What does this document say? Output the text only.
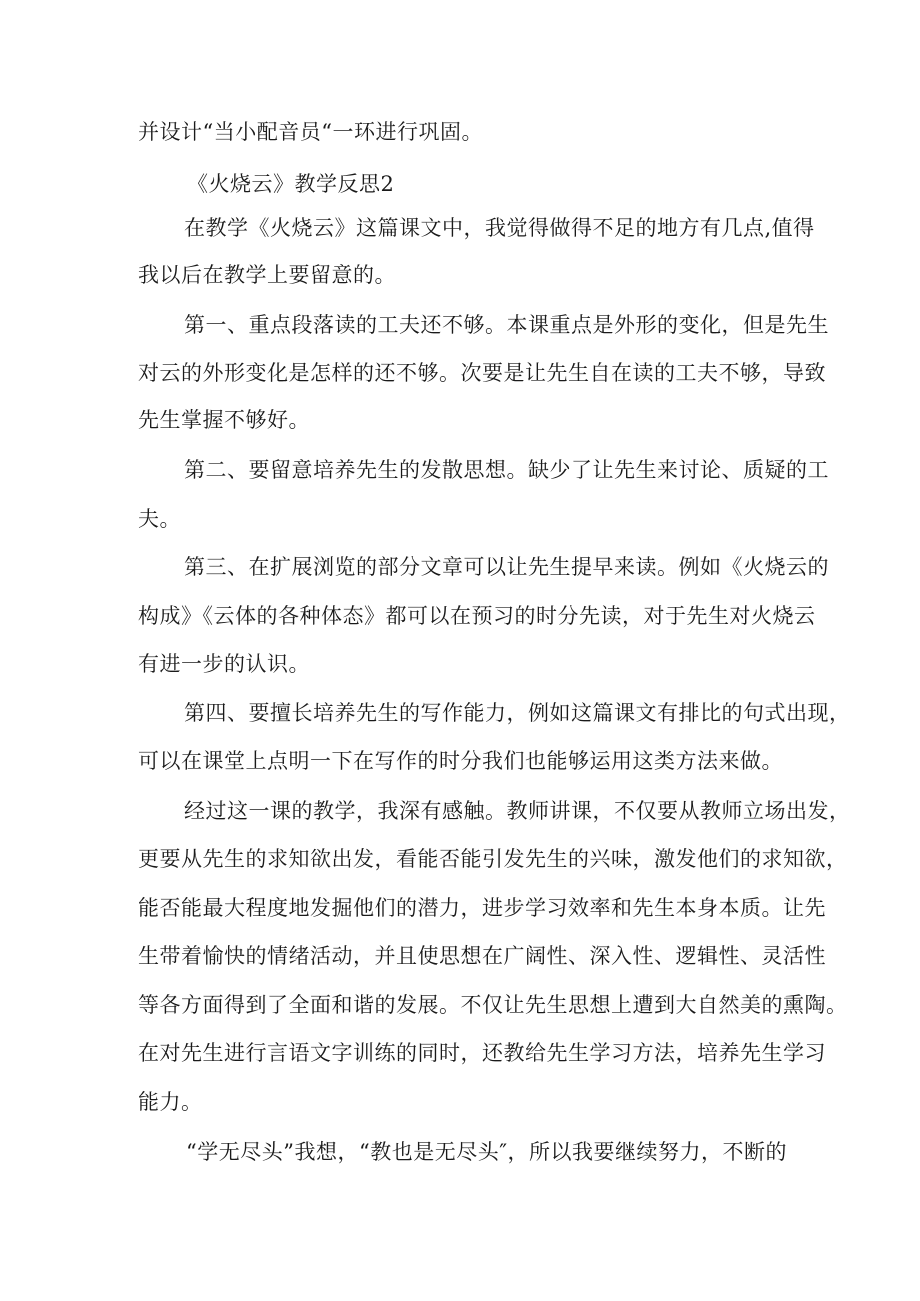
并设计“当小配音员“一环进行巩固。
《火烧云》教学反思2
在教学《火烧云》这篇课文中，我觉得做得不足的地方有几点,值得
我以后在教学上要留意的。
第一、重点段落读的工夫还不够。本课重点是外形的变化，但是先生
对云的外形变化是怎样的还不够。次要是让先生自在读的工夫不够，导致
先生掌握不够好。
第二、要留意培养先生的发散思想。缺少了让先生来讨论、质疑的工
夫。
第三、在扩展浏览的部分文章可以让先生提早来读。例如《火烧云的
构成》《云体的各种体态》都可以在预习的时分先读，对于先生对火烧云
有进一步的认识。
第四、要擅长培养先生的写作能力，例如这篇课文有排比的句式出现，
可以在课堂上点明一下在写作的时分我们也能够运用这类方法来做。
经过这一课的教学，我深有感触。教师讲课，不仅要从教师立场出发，
更要从先生的求知欲出发，看能否能引发先生的兴味，激发他们的求知欲，
能否能最大程度地发掘他们的潜力，进步学习效率和先生本身本质。让先
生带着愉快的情绪活动，并且使思想在广阔性、深入性、逻辑性、灵活性
等各方面得到了全面和谐的发展。不仅让先生思想上遭到大自然美的熏陶。
在对先生进行言语文字训练的同时，还教给先生学习方法，培养先生学习
能力。
“学无尽头”我想，“教也是无尽头″，所以我要继续努力，不断的
